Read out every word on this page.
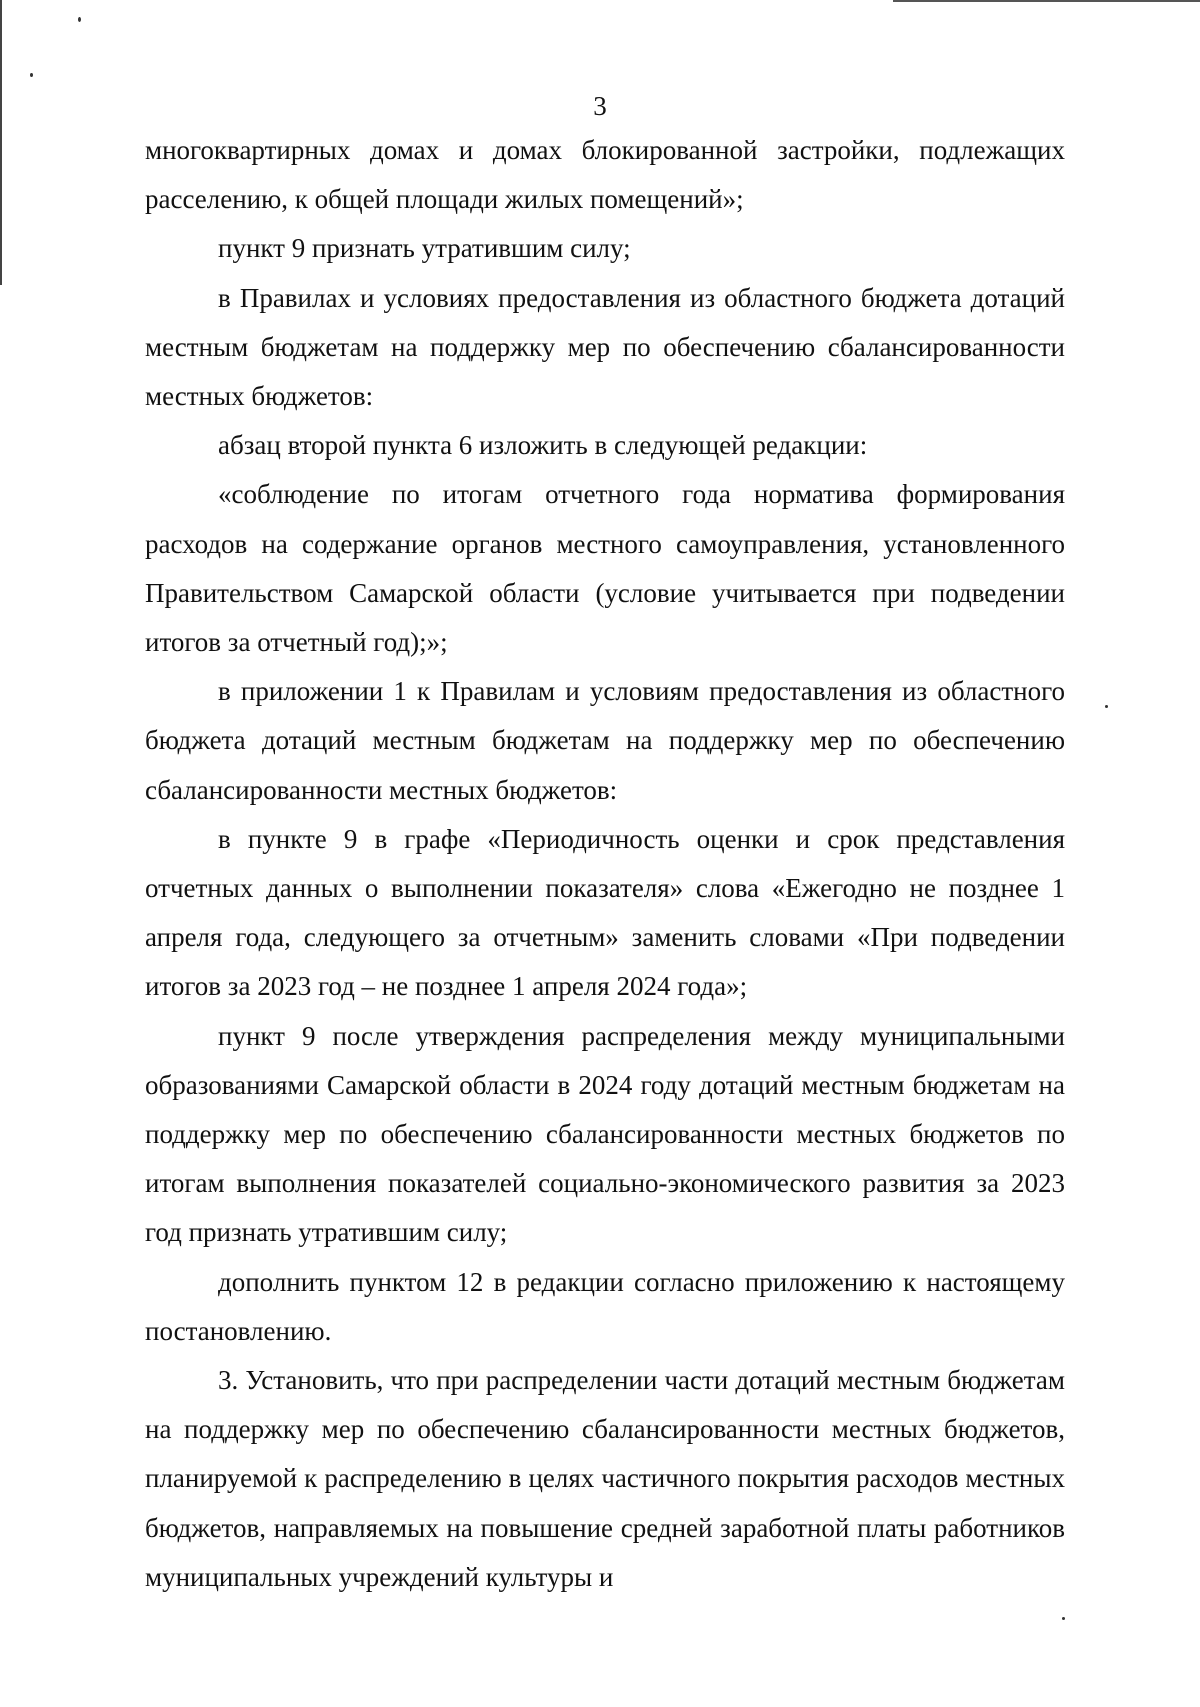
3

многоквартирных домах и домах блокированной застройки, подлежащих расселению, к общей площади жилых помещений»;

пункт 9 признать утратившим силу;

в Правилах и условиях предоставления из областного бюджета дотаций местным бюджетам на поддержку мер по обеспечению сбалансированности местных бюджетов:

абзац второй пункта 6 изложить в следующей редакции:

«соблюдение по итогам отчетного года норматива формирования расходов на содержание органов местного самоуправления, установленного Правительством Самарской области (условие учитывается при подведении итогов за отчетный год);»;

в приложении 1 к Правилам и условиям предоставления из областного бюджета дотаций местным бюджетам на поддержку мер по обеспечению сбалансированности местных бюджетов:

в пункте 9 в графе «Периодичность оценки и срок представления отчетных данных о выполнении показателя» слова «Ежегодно не позднее 1 апреля года, следующего за отчетным» заменить словами «При подведении итогов за 2023 год – не позднее 1 апреля 2024 года»;

пункт 9 после утверждения распределения между муниципальными образованиями Самарской области в 2024 году дотаций местным бюджетам на поддержку мер по обеспечению сбалансированности местных бюджетов по итогам выполнения показателей социально-экономического развития за 2023 год признать утратившим силу;

дополнить пунктом 12 в редакции согласно приложению к настоящему постановлению.

3. Установить, что при распределении части дотаций местным бюджетам на поддержку мер по обеспечению сбалансированности местных бюджетов, планируемой к распределению в целях частичного покрытия расходов местных бюджетов, направляемых на повышение средней заработной платы работников муниципальных учреждений культуры и
